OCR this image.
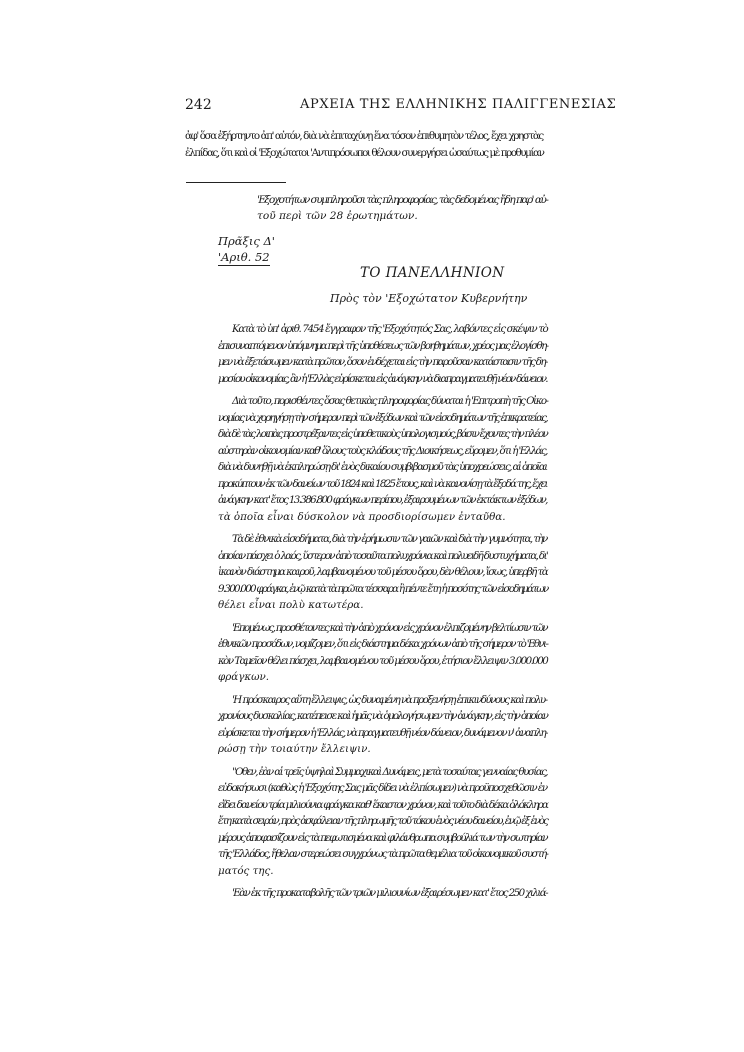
242	ΑΡΧΕΙΑ ΤΗΣ ΕΛΛΗΝΙΚΗΣ ΠΑΛΙΓΓΕΝΕΣΙΑΣ
ἀφ' ὅσα ἐξήρτηντο ἀπ' αὐτόν, διὰ νὰ ἐπιταχύνῃ ἕνα τόσον ἐπιθυμητὸν τέλος, ἔχει χρηστὰς
ἐλπίδας, ὅτι καὶ οἱ 'Εξοχώτατοι 'Αντιπρόσωποι θέλουν συνεργήσει ὡσαύτως μὲ προθυμίαν
'Εξοχοτήτων συμπληρoῦσι τὰς πληροφορίας, τὰς δεδομένας ἤδη παρ' αὐ-
τοῦ περὶ τῶν 28 ἐρωτημάτων.
Πρᾶξις Δ'
'Αριθ. 52
ΤΟ ΠΑΝΕΛΛΗΝΙΟΝ
Πρὸς τὸν 'Εξοχώτατον Κυβερνήτην
Κατὰ τὸ ὑπ' ἀριθ. 7454 ἔγγραφον τῆς 'Εξοχότητός Σας, λαβόντες εἰς σκέψιν τὸ
ἐπισυναπτόμενον ὑπόμνημα περὶ τῆς ὑποθέσεως τῶν βοηθημάτων, χρέος μας ἐλογίσθη-
μεν νὰ ἐξετάσωμεν κατὰ πρῶτον, ὅσον ἐνδέχεται εἰς τὴν παροῦσαν κατάστασιν τῆς δη-
μοσίου οἰκονομίας, ἂν ἡ 'Ελλὰς εὑρίσκεται εἰς ἀνάγκην νὰ διαπραγματευθῇ νέον δάνειον.
Διὰ τοῦτο, πορισθέντες ὅσας θετικὰς πληροφορίας δύναται ἡ 'Επιτροπὴ τῆς Οἰκο-
νομίας νὰ χορηγήσῃ τὴν σήμερον περὶ τῶν ἐξόδων καὶ τῶν εἰσοδημάτων τῆς ἐπικρατείας,
διὰ δὲ τὰς λοιπὰς προστρέξαντες εἰς ὑποθετικοὺς ὑπολογισμούς, βάσιν ἔχοντες τὴν πλέον
αὐστηρὰν οἰκονομίαν καθ' ὅλους τοὺς κλάδους τῆς Διοικήσεως, εὕρομεν, ὅτι ἡ 'Ελλάς,
διὰ νὰ δυνηθῇ νὰ ἐκπληρώσῃ δι' ἑνὸς δικαίου συμβιβασμοῦ τὰς ὑποχρεώσεις, αἱ ὁποῖαι
προκύπτουν ἐκ τῶν δανείων τοῦ 1824 καὶ 1825 ἔτους, καὶ νὰ κανονίσῃ τὰ ἔξοδά της, ἔχει
ἀνάγκην κατ' ἔτος 13.386.800 φράγκων περίπου, ἐξαιρουμένων τῶν ἐκτάκτων ἐξόδων,
τὰ ὁποῖα εἶναι δύσκολον νὰ προσδιορίσωμεν ἐνταῦθα.
Τὰ δὲ ἐθνικὰ εἰσοδήματα, διὰ τὴν ἐρήμωσιν τῶν γαιῶν καὶ διὰ τὴν γυμνότητα, τὴν
ὁποίαν πάσχει ὁ λαός, ὕστερον ἀπὸ τοσαῦτα πολυχρόνια καὶ πολυειδῆ δυστυχήματα, δι'
ἱκανὸν διάστημα καιροῦ, λαμβανομένου τοῦ μέσου ὅρου, δὲν θέλουν, ἴσως, ὑπερβῆ τὰ
9.300.000 φράγκα, ἐνῷ κατὰ τὰ πρῶτα τέσσαρα ἢ πέντε ἔτη ἡ ποσότης τῶν εἰσοδημάτων
θέλει εἶναι πολὺ κατωτέρα.
'Επομένως, προσθέτοντες καὶ τὴν ἀπὸ χρόνον εἰς χρόνον ἐλπιζομένην βελτίωσιν τῶν
ἐθνικῶν προσόδων, νομίζομεν, ὅτι εἰς διάστημα δέκα χρόνων ἀπὸ τῆς σήμερον τὸ 'Εθνι-
κὸν Ταμεῖον θέλει πάσχει, λαμβανομένου τοῦ μέσου ὅρου, ἐτήσιον ἔλλειψιν 3.000.000
φράγκων.
'Η πρόσκαιρος αὕτη ἔλλειψις, ὡς δυναμένη νὰ προξενήσῃ ἐπικινδύνους καὶ πολυ-
χρονίους δυσκολίας, κατέπεισε καὶ ἡμᾶς νὰ ὁμολογήσωμεν τὴν ἀνάγκην, εἰς τὴν ὁποίαν
εὑρίσκεται τὴν σήμερον ἡ 'Ελλάς, νὰ πραγματευθῇ νέον δάνειον, δυνάμενον ν' ἀναπλη-
ρώσῃ τὴν τοιαύτην ἔλλειψιν.
"Οθεν, ἐὰν αἱ τρεῖς ὑψηλαὶ Συμμαχικαὶ Δυνάμεις, μετὰ τοσαύτας γενναίας θυσίας,
εὐδοκήσωσι (καθὼς ἡ 'Εξοχότης Σας μᾶς δίδει νὰ ἐλπίσωμεν) νὰ προϋποσχεθῶσιν ἐν
εἴδει δανείου τρία μιλιούνια φράγκα καθ' ἕκαστον χρόνον, καὶ τοῦτο διὰ δέκα ὁλόκληρα
ἔτη κατὰ σειράν, πρὸς ἀσφάλειαν τῆς πληρωμῆς τοῦ τόκου ἑνὸς νέου δανείου, ἐνῷ ἐξ ἑνὸς
μέρους ἀποφασίζουν εἰς τὰ πεφωτισμένα καὶ φιλάνθρωπα συμβούλιά των τὴν σωτηρίαν
τῆς 'Ελλάδος, ἤθελαν στερεώσει συγχρόνως τὰ πρῶτα θεμέλια τοῦ οἰκονομικοῦ συστή-
ματός της.
'Εὰν ἐκ τῆς προκαταβολῆς τῶν τριῶν μιλιουνίων ἐξαιρέσωμεν κατ' ἔτος 250 χιλιά-
